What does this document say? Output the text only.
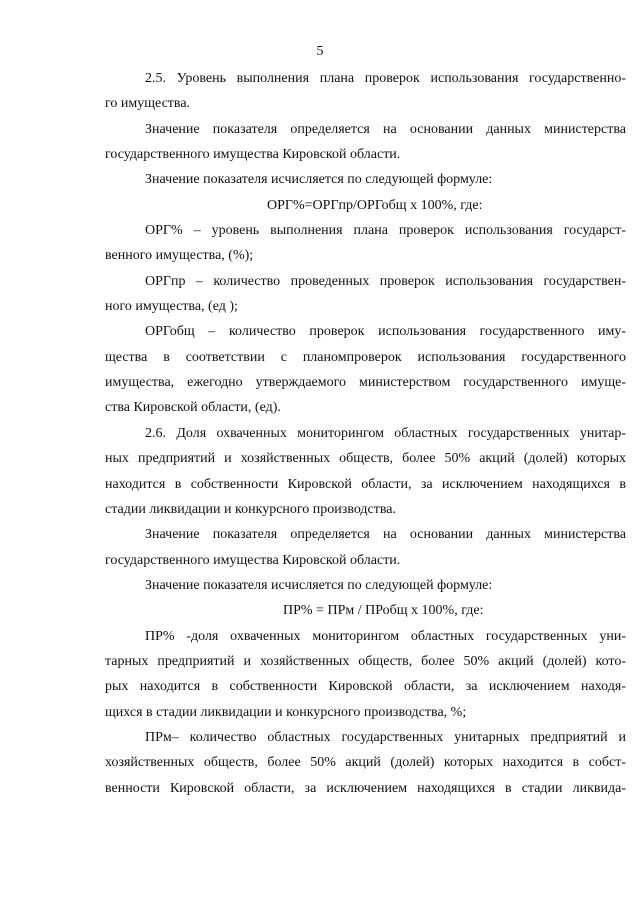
5
2.5. Уровень выполнения плана проверок использования государственно-
го имущества.
Значение показателя определяется на основании данных министерства
государственного имущества Кировской области.
Значение показателя исчисляется по следующей формуле:
ОРГ%=ОРГпр/ОРГобщ х 100%, где:
ОРГ% – уровень выполнения плана проверок использования государст-
венного имущества, (%);
ОРГпр – количество проведенных проверок использования государствен-
ного имущества, (ед );
ОРГобщ – количество проверок использования государственного иму-
щества в соответствии с планомпроверок использования государственного
имущества, ежегодно утверждаемого министерством государственного имуще-
ства Кировской области, (ед).
2.6. Доля охваченных мониторингом областных государственных унитар-
ных предприятий и хозяйственных обществ, более 50% акций (долей) которых
находится в собственности Кировской области, за исключением находящихся в
стадии ликвидации и конкурсного производства.
Значение показателя определяется на основании данных министерства
государственного имущества Кировской области.
Значение показателя исчисляется по следующей формуле:
ПР% = ПРм / ПРобщ х 100%, где:
ПР% -доля охваченных мониторингом областных государственных уни-
тарных предприятий и хозяйственных обществ, более 50% акций (долей) кото-
рых находится в собственности Кировской области, за исключением находя-
щихся в стадии ликвидации и конкурсного производства, %;
ПРм– количество областных государственных унитарных предприятий и
хозяйственных обществ, более 50% акций (долей) которых находится в собст-
венности Кировской области, за исключением находящихся в стадии ликвида-
